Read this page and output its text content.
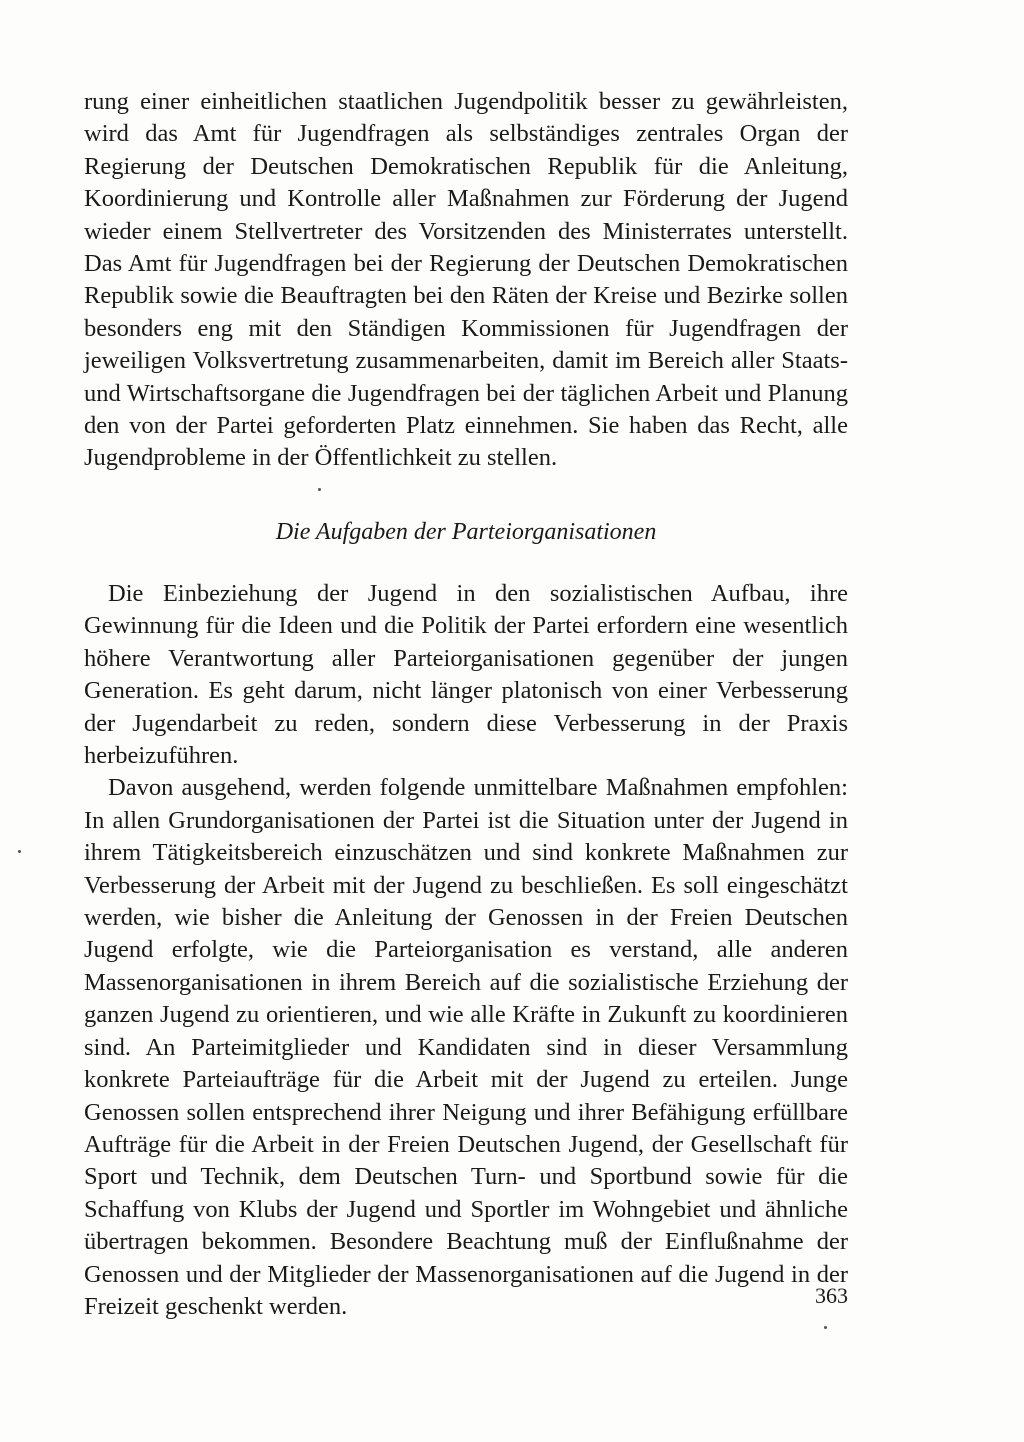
rung einer einheitlichen staatlichen Jugendpolitik besser zu gewährleisten, wird das Amt für Jugendfragen als selbständiges zentrales Organ der Regierung der Deutschen Demokratischen Republik für die Anleitung, Koordinierung und Kontrolle aller Maßnahmen zur Förderung der Jugend wieder einem Stellvertreter des Vorsitzenden des Ministerrates unterstellt. Das Amt für Jugendfragen bei der Regierung der Deutschen Demokratischen Republik sowie die Beauftragten bei den Räten der Kreise und Bezirke sollen besonders eng mit den Ständigen Kommissionen für Jugendfragen der jeweiligen Volksvertretung zusammenarbeiten, damit im Bereich aller Staats- und Wirtschaftsorgane die Jugendfragen bei der täglichen Arbeit und Planung den von der Partei geforderten Platz einnehmen. Sie haben das Recht, alle Jugendprobleme in der Öffentlichkeit zu stellen.

Die Aufgaben der Parteiorganisationen

Die Einbeziehung der Jugend in den sozialistischen Aufbau, ihre Gewinnung für die Ideen und die Politik der Partei erfordern eine wesentlich höhere Verantwortung aller Parteiorganisationen gegenüber der jungen Generation. Es geht darum, nicht länger platonisch von einer Verbesserung der Jugendarbeit zu reden, sondern diese Verbesserung in der Praxis herbeizuführen.

Davon ausgehend, werden folgende unmittelbare Maßnahmen empfohlen: In allen Grundorganisationen der Partei ist die Situation unter der Jugend in ihrem Tätigkeitsbereich einzuschätzen und sind konkrete Maßnahmen zur Verbesserung der Arbeit mit der Jugend zu beschließen. Es soll eingeschätzt werden, wie bisher die Anleitung der Genossen in der Freien Deutschen Jugend erfolgte, wie die Parteiorganisation es verstand, alle anderen Massenorganisationen in ihrem Bereich auf die sozialistische Erziehung der ganzen Jugend zu orientieren, und wie alle Kräfte in Zukunft zu koordinieren sind. An Parteimitglieder und Kandidaten sind in dieser Versammlung konkrete Parteiaufträge für die Arbeit mit der Jugend zu erteilen. Junge Genossen sollen entsprechend ihrer Neigung und ihrer Befähigung erfüllbare Aufträge für die Arbeit in der Freien Deutschen Jugend, der Gesellschaft für Sport und Technik, dem Deutschen Turn- und Sportbund sowie für die Schaffung von Klubs der Jugend und Sportler im Wohngebiet und ähnliche übertragen bekommen. Besondere Beachtung muß der Einflußnahme der Genossen und der Mitglieder der Massenorganisationen auf die Jugend in der Freizeit geschenkt werden.	363
